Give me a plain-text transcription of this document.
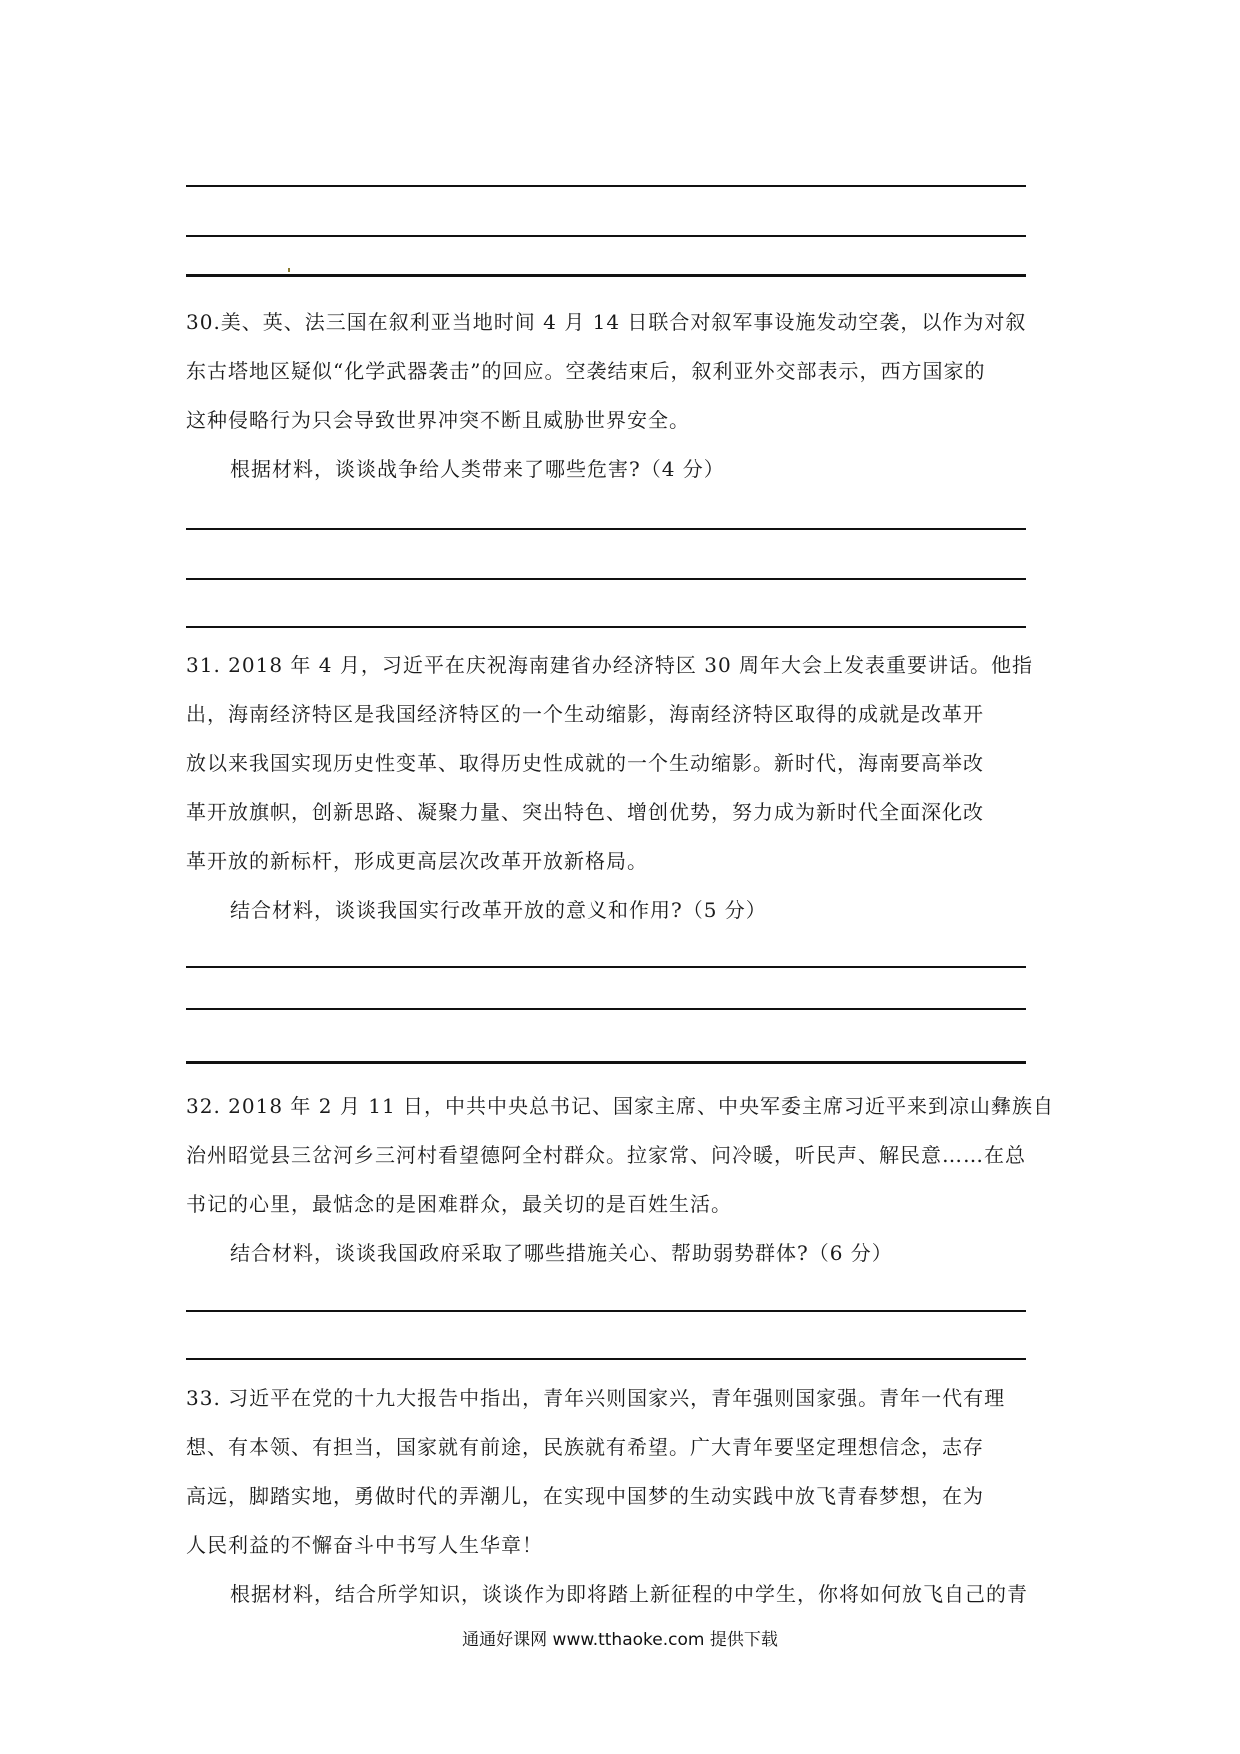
30.美、英、法三国在叙利亚当地时间 4 月 14 日联合对叙军事设施发动空袭，以作为对叙
东古塔地区疑似“化学武器袭击”的回应。空袭结束后，叙利亚外交部表示，西方国家的
这种侵略行为只会导致世界冲突不断且威胁世界安全。
根据材料，谈谈战争给人类带来了哪些危害?（4 分）
31. 2018 年 4 月，习近平在庆祝海南建省办经济特区 30 周年大会上发表重要讲话。他指
出，海南经济特区是我国经济特区的一个生动缩影，海南经济特区取得的成就是改革开
放以来我国实现历史性变革、取得历史性成就的一个生动缩影。新时代，海南要高举改
革开放旗帜，创新思路、凝聚力量、突出特色、增创优势，努力成为新时代全面深化改
革开放的新标杆，形成更高层次改革开放新格局。
结合材料，谈谈我国实行改革开放的意义和作用?（5 分）
32. 2018 年 2 月 11 日，中共中央总书记、国家主席、中央军委主席习近平来到凉山彝族自
治州昭觉县三岔河乡三河村看望德阿全村群众。拉家常、问冷暖，听民声、解民意……在总
书记的心里，最惦念的是困难群众，最关切的是百姓生活。
结合材料，谈谈我国政府采取了哪些措施关心、帮助弱势群体?（6 分）
33. 习近平在党的十九大报告中指出，青年兴则国家兴，青年强则国家强。青年一代有理
想、有本领、有担当，国家就有前途，民族就有希望。广大青年要坚定理想信念，志存
高远，脚踏实地，勇做时代的弄潮儿，在实现中国梦的生动实践中放飞青春梦想，在为
人民利益的不懈奋斗中书写人生华章！
根据材料，结合所学知识，谈谈作为即将踏上新征程的中学生，你将如何放飞自己的青
通通好课网 www.tthaoke.com 提供下载
